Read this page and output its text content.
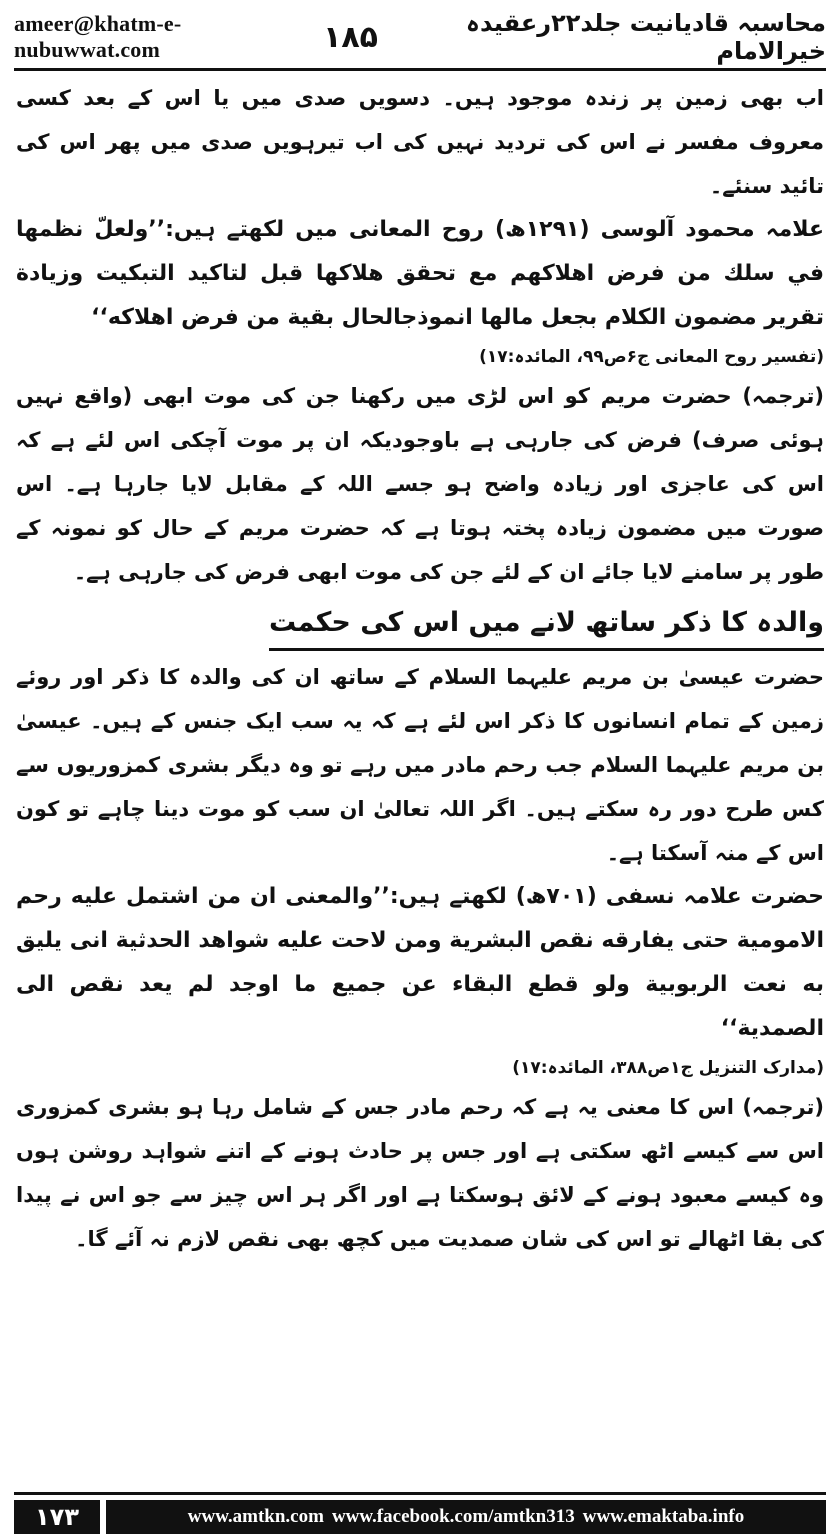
ameer@khatm-e-nubuwwat.com	۱۸۵	محاسبہ قادیانیت جلد۲۲رعقیدہ خیرالامام

اب بھی زمین پر زندہ موجود ہیں۔ دسویں صدی میں یا اس کے بعد کسی معروف مفسر نے اس کی تردید نہیں کی اب تیرہویں صدی میں پھر اس کی تائید سنئے۔

علامہ محمود آلوسی (۱۲۹۱ھ) روح المعانی میں لکھتے ہیں:’’ولعلّ نظمها في سلك من فرض اهلاكهم مع تحقق هلاكها قبل لتاكيد التبكيت وزيادة تقرير مضمون الكلام بجعل مالها انموذجالحال بقية من فرض اهلاكه‘‘

(تفسیر روح المعانی ج۶ص۹۹، المائدہ:۱۷)

(ترجمہ) حضرت مریم کو اس لڑی میں رکھنا جن کی موت ابھی (واقع نہیں ہوئی صرف) فرض کی جارہی ہے باوجودیکہ ان پر موت آچکی اس لئے ہے کہ اس کی عاجزی اور زیادہ واضح ہو جسے اللہ کے مقابل لایا جارہا ہے۔ اس صورت میں مضمون زیادہ پختہ ہوتا ہے کہ حضرت مریم کے حال کو نمونہ کے طور پر سامنے لایا جائے ان کے لئے جن کی موت ابھی فرض کی جارہی ہے۔

والدہ کا ذکر ساتھ لانے میں اس کی حکمت

حضرت عیسیٰ بن مریم علیہما السلام کے ساتھ ان کی والدہ کا ذکر اور روئے زمین کے تمام انسانوں کا ذکر اس لئے ہے کہ یہ سب ایک جنس کے ہیں۔ عیسیٰ بن مریم علیہما السلام جب رحم مادر میں رہے تو وہ دیگر بشری کمزوریوں سے کس طرح دور رہ سکتے ہیں۔ اگر اللہ تعالیٰ ان سب کو موت دینا چاہے تو کون اس کے منہ آسکتا ہے۔

حضرت علامہ نسفی (۷۰۱ھ) لکھتے ہیں:’’والمعنى ان من اشتمل عليه رحم الامومية حتى يفارقه نقص البشرية ومن لاحت عليه شواهد الحدثية انى يليق به نعت الربوبية ولو قطع البقاء عن جميع ما اوجد لم يعد نقص الى الصمدية‘‘

(مدارک التنزیل ج۱ص۳۸۸، المائدہ:۱۷)

(ترجمہ) اس کا معنی یہ ہے کہ رحم مادر جس کے شامل رہا ہو بشری کمزوری اس سے کیسے اٹھ سکتی ہے اور جس پر حادث ہونے کے اتنے شواہد روشن ہوں وہ کیسے معبود ہونے کے لائق ہوسکتا ہے اور اگر ہر اس چیز سے جو اس نے پیدا کی بقا اٹھالے تو اس کی شان صمدیت میں کچھ بھی نقص لازم نہ آئے گا۔

۱۷۳	www.amtkn.com www.facebook.com/amtkn313 www.emaktaba.info
